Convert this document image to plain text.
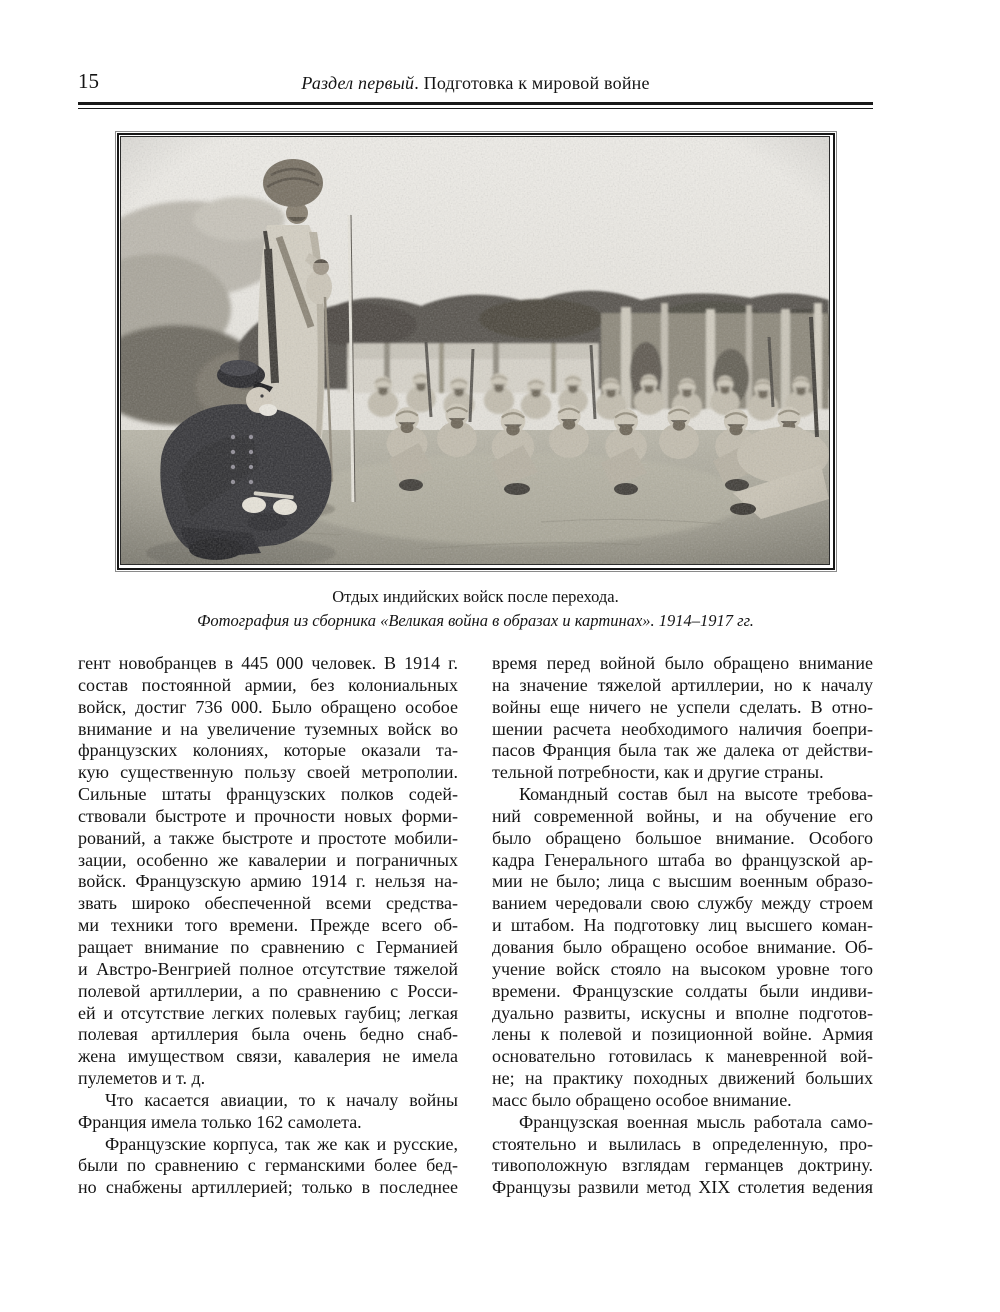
15	Раздел первый. Подготовка к мировой войне
Отдых индийских войск после перехода.
Фотография из сборника «Великая война в образах и картинах». 1914–1917 гг.
гент новобранцев в 445 000 человек. В 1914 г.
состав постоянной армии, без колониальных
войск, достиг 736 000. Было обращено особое
внимание и на увеличение туземных войск во
французских колониях, которые оказали та-
кую существенную пользу своей метрополии.
Сильные штаты французских полков содей-
ствовали быстроте и прочности новых форми-
рований, а также быстроте и простоте мобили-
зации, особенно же кавалерии и пограничных
войск. Французскую армию 1914 г. нельзя на-
звать широко обеспеченной всеми средства-
ми техники того времени. Прежде всего об-
ращает внимание по сравнению с Германией
и Австро-Венгрией полное отсутствие тяжелой
полевой артиллерии, а по сравнению с Росси-
ей и отсутствие легких полевых гаубиц; легкая
полевая артиллерия была очень бедно снаб-
жена имуществом связи, кавалерия не имела
пулеметов и т. д.
Что касается авиации, то к началу войны
Франция имела только 162 самолета.
Французские корпуса, так же как и русские,
были по сравнению с германскими более бед-
но снабжены артиллерией; только в последнее
время перед войной было обращено внимание
на значение тяжелой артиллерии, но к началу
войны еще ничего не успели сделать. В отно-
шении расчета необходимого наличия боепри-
пасов Франция была так же далека от действи-
тельной потребности, как и другие страны.
Командный состав был на высоте требова-
ний современной войны, и на обучение его
было обращено большое внимание. Особого
кадра Генерального штаба во французской ар-
мии не было; лица с высшим военным образо-
ванием чередовали свою службу между строем
и штабом. На подготовку лиц высшего коман-
дования было обращено особое внимание. Об-
учение войск стояло на высоком уровне того
времени. Французские солдаты были индиви-
дуально развиты, искусны и вполне подготов-
лены к полевой и позиционной войне. Армия
основательно готовилась к маневренной вой-
не; на практику походных движений больших
масс было обращено особое внимание.
Французская военная мысль работала само-
стоятельно и вылилась в определенную, про-
тивоположную взглядам германцев доктрину.
Французы развили метод XIX столетия ведения
